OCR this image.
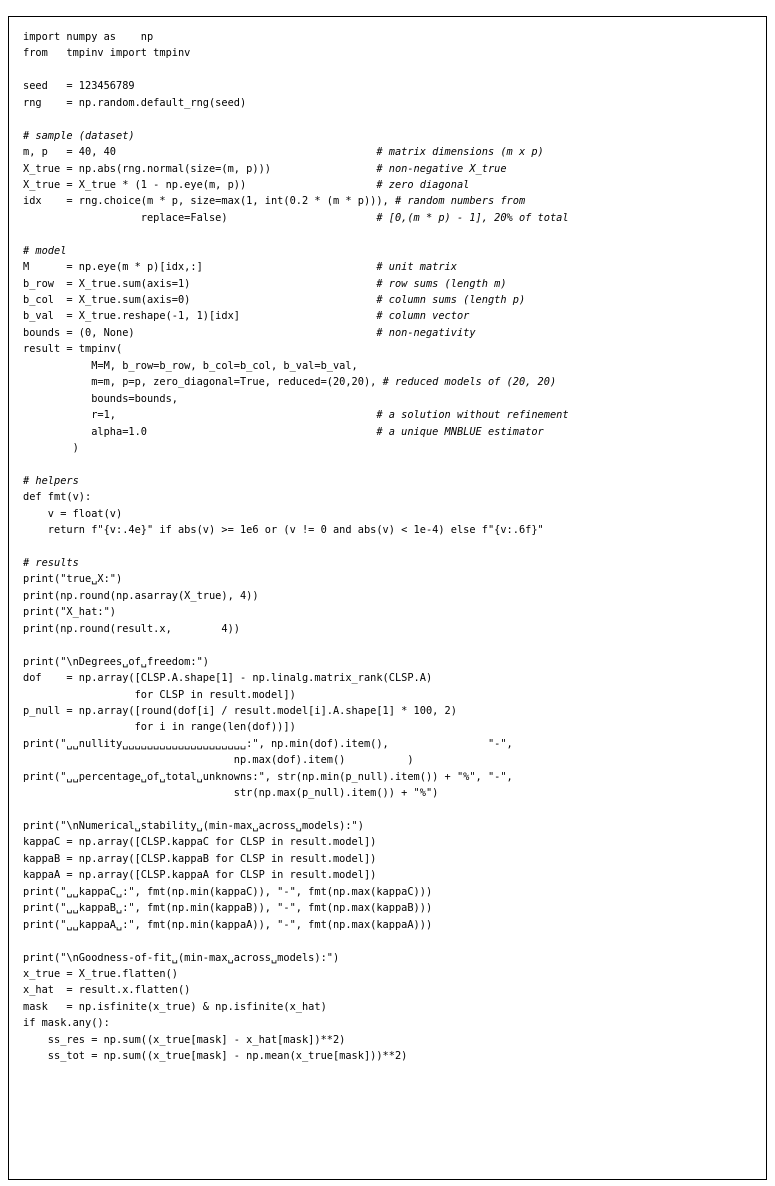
import numpy as    np
from   tmpinv import tmpinv
seed   = 123456789
rng    = np.random.default_rng(seed)
# sample (dataset)
m, p   = 40, 40                                          # matrix dimensions (m x p)
X_true = np.abs(rng.normal(size=(m, p)))                 # non-negative X_true
X_true = X_true * (1 - np.eye(m, p))                     # zero diagonal
idx    = rng.choice(m * p, size=max(1, int(0.2 * (m * p))), # random numbers from
replace=False)                        # [0,(m * p) - 1], 20% of total
# model
M      = np.eye(m * p)[idx,:]                            # unit matrix
b_row  = X_true.sum(axis=1)                              # row sums (length m)
b_col  = X_true.sum(axis=0)                              # column sums (length p)
b_val  = X_true.reshape(-1, 1)[idx]                      # column vector
bounds = (0, None)                                       # non-negativity
result = tmpinv(
M=M, b_row=b_row, b_col=b_col, b_val=b_val,
m=m, p=p, zero_diagonal=True, reduced=(20,20), # reduced models of (20, 20)
bounds=bounds,
r=1,                                          # a solution without refinement
alpha=1.0                                     # a unique MNBLUE estimator
)
# helpers
def fmt(v):
v = float(v)
return f"{v:.4e}" if abs(v) >= 1e6 or (v != 0 and abs(v) < 1e-4) else f"{v:.6f}"
# results
print("true␣X:")
print(np.round(np.asarray(X_true), 4))
print("X_hat:")
print(np.round(result.x,        4))
print("\nDegrees␣of␣freedom:")
dof    = np.array([CLSP.A.shape[1] - np.linalg.matrix_rank(CLSP.A)
for CLSP in result.model])
p_null = np.array([round(dof[i] / result.model[i].A.shape[1] * 100, 2)
for i in range(len(dof))])
print("␣␣nullity␣␣␣␣␣␣␣␣␣␣␣␣␣␣␣␣␣␣␣␣:", np.min(dof).item(),                "-",
np.max(dof).item()          )
print("␣␣percentage␣of␣total␣unknowns:", str(np.min(p_null).item()) + "%", "-",
str(np.max(p_null).item()) + "%")
print("\nNumerical␣stability␣(min-max␣across␣models):")
kappaC = np.array([CLSP.kappaC for CLSP in result.model])
kappaB = np.array([CLSP.kappaB for CLSP in result.model])
kappaA = np.array([CLSP.kappaA for CLSP in result.model])
print("␣␣kappaC␣:", fmt(np.min(kappaC)), "-", fmt(np.max(kappaC)))
print("␣␣kappaB␣:", fmt(np.min(kappaB)), "-", fmt(np.max(kappaB)))
print("␣␣kappaA␣:", fmt(np.min(kappaA)), "-", fmt(np.max(kappaA)))
print("\nGoodness-of-fit␣(min-max␣across␣models):")
x_true = X_true.flatten()
x_hat  = result.x.flatten()
mask   = np.isfinite(x_true) & np.isfinite(x_hat)
if mask.any():
ss_res = np.sum((x_true[mask] - x_hat[mask])**2)
ss_tot = np.sum((x_true[mask] - np.mean(x_true[mask]))**2)
